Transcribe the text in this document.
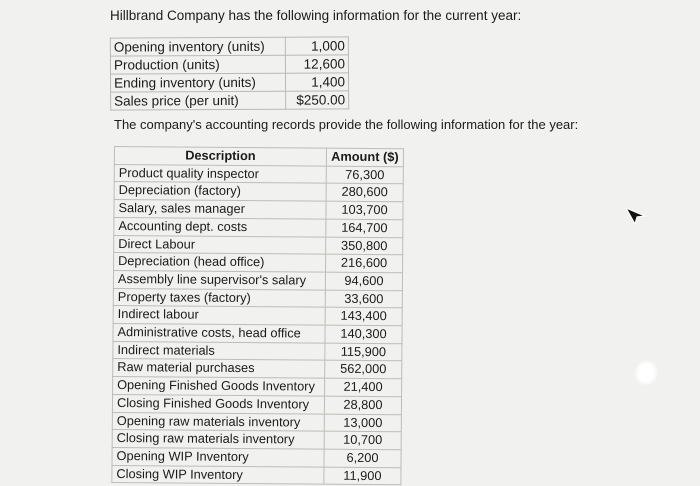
Hillbrand Company has the following information for the current year:
Opening inventory (units)	1,000
Production (units)	12,600
Ending inventory (units)	1,400
Sales price (per unit)	$250.00
The company's accounting records provide the following information for the year:
Description	Amount ($)
Product quality inspector	76,300
Depreciation (factory)	280,600
Salary, sales manager	103,700
Accounting dept. costs	164,700
Direct Labour	350,800
Depreciation (head office)	216,600
Assembly line supervisor's salary	94,600
Property taxes (factory)	33,600
Indirect labour	143,400
Administrative costs, head office	140,300
Indirect materials	115,900
Raw material purchases	562,000
Opening Finished Goods Inventory	21,400
Closing Finished Goods Inventory	28,800
Opening raw materials inventory	13,000
Closing raw materials inventory	10,700
Opening WIP Inventory	6,200
Closing WIP Inventory	11,900
